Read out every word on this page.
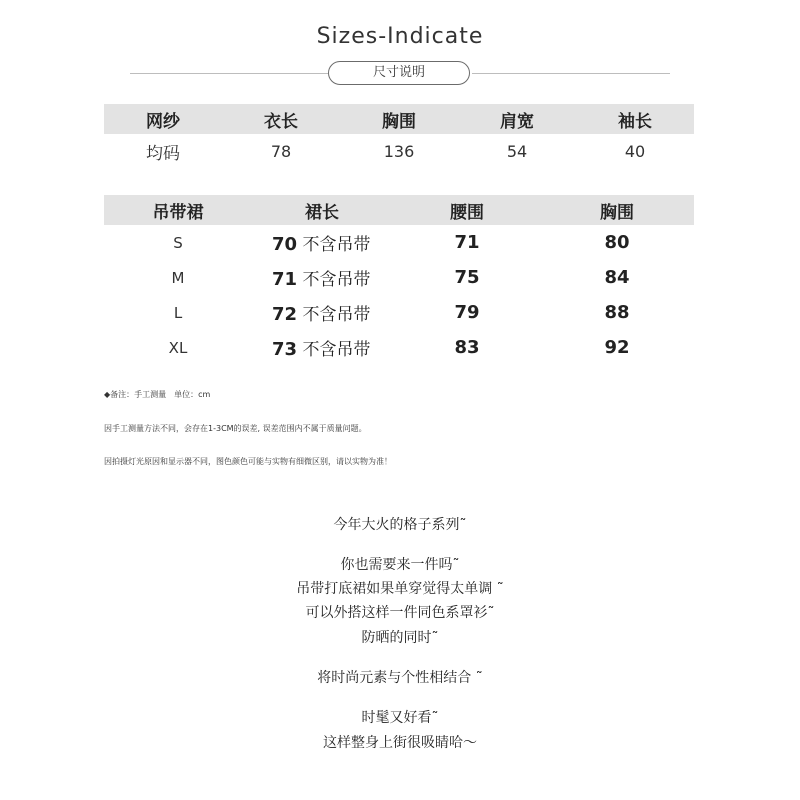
Sizes-Indicate
尺寸说明
网纱	衣长	胸围	肩宽	袖长
均码	78	136	54	40
吊带裙	裙长	腰围	胸围
S	70 不含吊带	71	80
M	71 不含吊带	75	84
L	72 不含吊带	79	88
XL	73 不含吊带	83	92
◆备注：手工测量　单位：cm
因手工测量方法不同，会存在1-3CM的误差, 误差范围内不属于质量问题。
因拍摄灯光原因和显示器不同，图色颜色可能与实物有细微区别，请以实物为准！
今年大火的格子系列˜
你也需要来一件吗˜
吊带打底裙如果单穿觉得太单调 ˜
可以外搭这样一件同色系罩衫˜
防晒的同时˜
将时尚元素与个性相结合 ˜
时髦又好看˜
这样整身上街很吸睛哈～
